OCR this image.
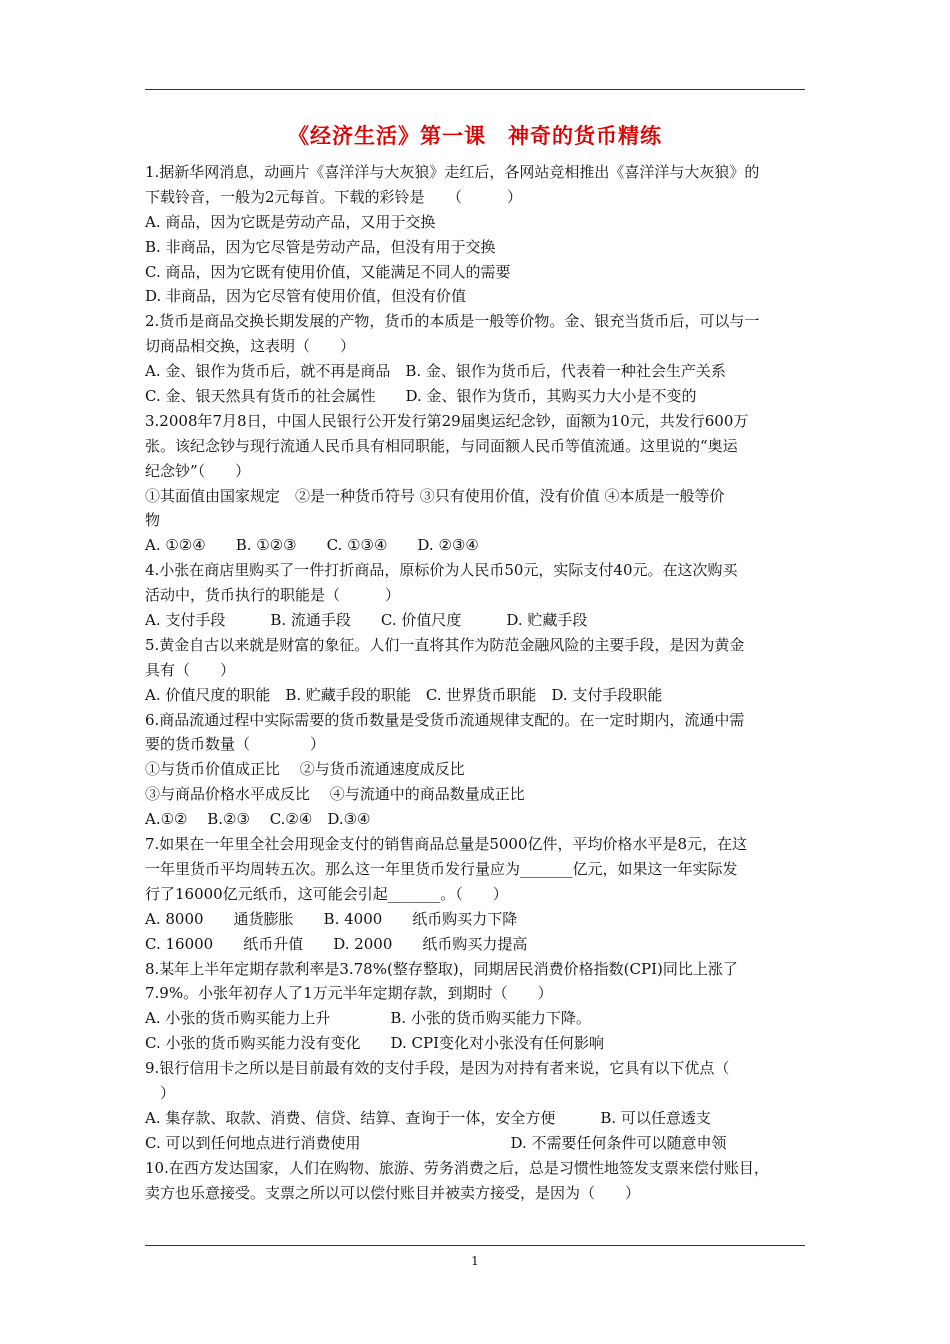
《经济生活》第一课　神奇的货币精练
1.据新华网消息，动画片《喜洋洋与大灰狼》走红后，各网站竞相推出《喜洋洋与大灰狼》的
下载铃音，一般为2元每首。下载的彩铃是　　（　　　）
A. 商品，因为它既是劳动产品，又用于交换
B. 非商品，因为它尽管是劳动产品，但没有用于交换
C. 商品，因为它既有使用价值，又能满足不同人的需要
D. 非商品，因为它尽管有使用价值，但没有价值
2.货币是商品交换长期发展的产物，货币的本质是一般等价物。金、银充当货币后，可以与一
切商品相交换，这表明（　　）
A. 金、银作为货币后，就不再是商品　B. 金、银作为货币后，代表着一种社会生产关系
C. 金、银天然具有货币的社会属性　　D. 金、银作为货币，其购买力大小是不变的
3.2008年7月8日，中国人民银行公开发行第29届奥运纪念钞，面额为10元，共发行600万
张。该纪念钞与现行流通人民币具有相同职能，与同面额人民币等值流通。这里说的“奥运
纪念钞”（　　）
①其面值由国家规定　②是一种货币符号 ③只有使用价值，没有价值 ④本质是一般等价
物
A. ①②④　　B. ①②③　　C. ①③④　　D. ②③④
4.小张在商店里购买了一件打折商品，原标价为人民币50元，实际支付40元。在这次购买
活动中，货币执行的职能是（　　　）
A. 支付手段　　　B. 流通手段　　C. 价值尺度　　　D. 贮藏手段
5.黄金自古以来就是财富的象征。人们一直将其作为防范金融风险的主要手段，是因为黄金
具有（　　）
A. 价值尺度的职能　B. 贮藏手段的职能　C. 世界货币职能　D. 支付手段职能
6.商品流通过程中实际需要的货币数量是受货币流通规律支配的。在一定时期内，流通中需
要的货币数量（　　　　）
①与货币价值成正比　 ②与货币流通速度成反比
③与商品价格水平成反比　 ④与流通中的商品数量成正比
A.①②　 B.②③　 C.②④　D.③④
7.如果在一年里全社会用现金支付的销售商品总量是5000亿件，平均价格水平是8元，在这
一年里货币平均周转五次。那么这一年里货币发行量应为_______亿元，如果这一年实际发
行了16000亿元纸币，这可能会引起_______。（　　）
A. 8000　　通货膨胀　　B. 4000　　纸币购买力下降
C. 16000　　纸币升值　　D. 2000　　纸币购买力提高
8.某年上半年定期存款利率是3.78%(整存整取)，同期居民消费价格指数(CPI)同比上涨了
7.9%。小张年初存人了1万元半年定期存款，到期时（　　）
A. 小张的货币购买能力上升　　　　B. 小张的货币购买能力下降。
C. 小张的货币购买能力没有变化　　D. CPI变化对小张没有任何影响
9.银行信用卡之所以是目前最有效的支付手段，是因为对持有者来说，它具有以下优点（
　）
A. 集存款、取款、消费、信贷、结算、查询于一体，安全方便　　　B. 可以任意透支
C. 可以到任何地点进行消费使用　　　　　　　　　　D. 不需要任何条件可以随意申领
10.在西方发达国家，人们在购物、旅游、劳务消费之后，总是习惯性地签发支票来偿付账目，
卖方也乐意接受。支票之所以可以偿付账目并被卖方接受，是因为（　　）
1
